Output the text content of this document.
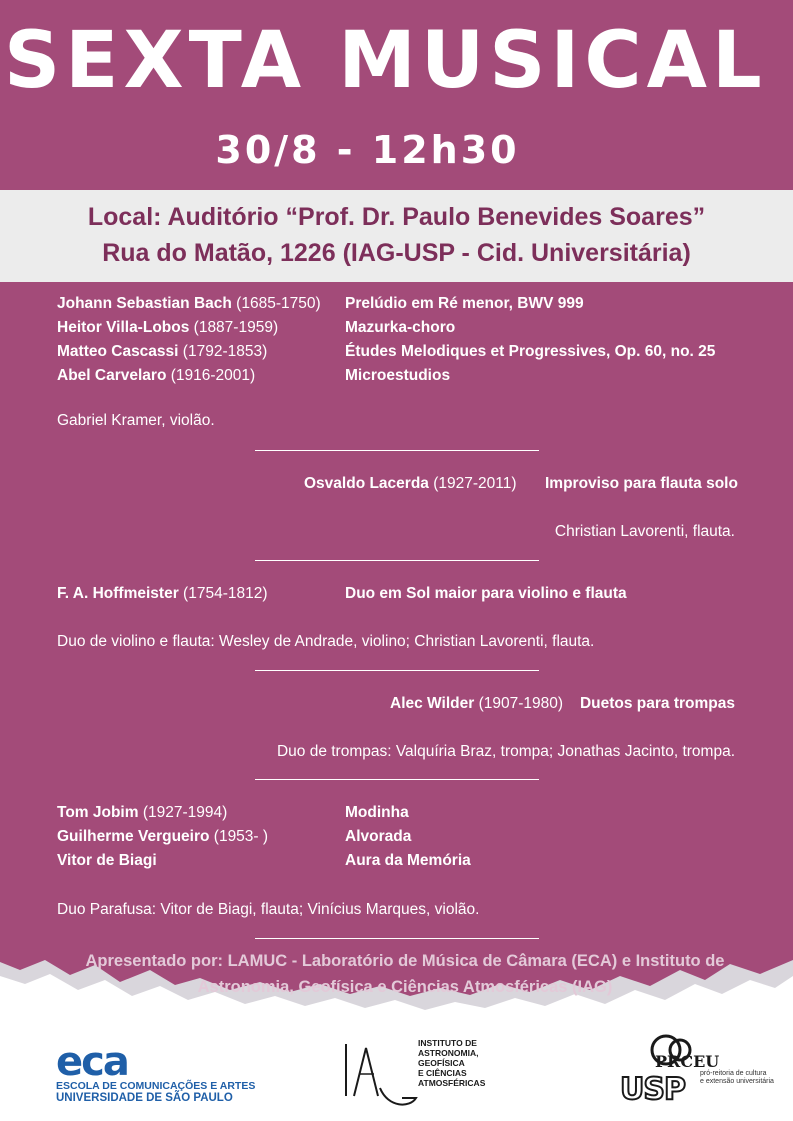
SEXTA MUSICAL
30/8 - 12h30
Local: Auditório “Prof. Dr. Paulo Benevides Soares”
Rua do Matão, 1226 (IAG-USP - Cid. Universitária)
Johann Sebastian Bach (1685-1750) Prelúdio em Ré menor, BWV 999
Heitor Villa-Lobos (1887-1959)	Mazurka-choro
Matteo Cascassi (1792-1853)	Études Melodiques et Progressives, Op. 60, no. 25
Abel Carvelaro (1916-2001)	Microestudios
Gabriel Kramer, violão.
Osvaldo Lacerda (1927-2011) Improviso para flauta solo
Christian Lavorenti, flauta.
F. A. Hoffmeister (1754-1812)	Duo em Sol maior para violino e flauta
Duo de violino e flauta: Wesley de Andrade, violino; Christian Lavorenti, flauta.
Alec Wilder (1907-1980) Duetos para trompas
Duo de trompas: Valquíria Braz, trompa; Jonathas Jacinto, trompa.
Tom Jobim (1927-1994)	Modinha
Guilherme Vergueiro (1953- )	Alvorada
Vitor de Biagi	Aura da Memória
Duo Parafusa: Vitor de Biagi, flauta; Vinícius Marques, violão.
Apresentado por: LAMUC - Laboratório de Música de Câmara (ECA) e Instituto de
Astronomia, Geofísica e Ciências Atmosféricas (IAG)
eca
ESCOLA DE COMUNICAÇÕES E ARTES
UNIVERSIDADE DE SÃO PAULO
INSTITUTO DE
ASTRONOMIA,
GEOFÍSICA
E CIÊNCIAS
ATMOSFÉRICAS
PRCEU
pró-reitoria de cultura
e extensão universitária
USP
